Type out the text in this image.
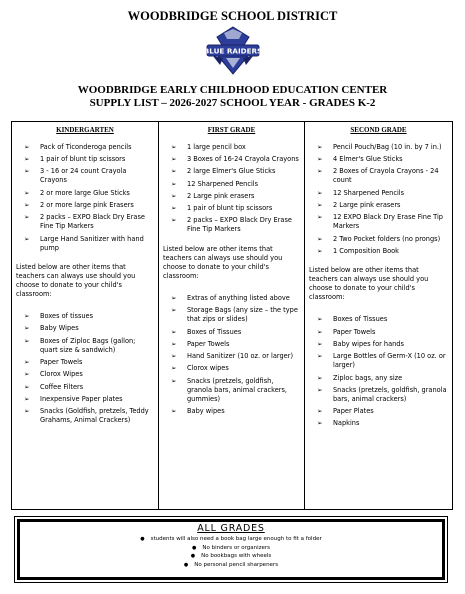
WOODBRIDGE SCHOOL DISTRICT
BLUE RAIDERS
WOODBRIDGE EARLY CHILDHOOD EDUCATION CENTER
SUPPLY LIST – 2026-2027 SCHOOL YEAR - GRADES K-2
KINDERGARTEN
➢ Pack of Ticonderoga pencils
➢ 1 pair of blunt tip scissors
➢ 3 - 16 or 24 count Crayola Crayons
➢ 2 or more large Glue Sticks
➢ 2 or more large pink Erasers
➢ 2 packs – EXPO Black Dry Erase Fine Tip Markers
➢ Large Hand Sanitizer with hand pump
Listed below are other items that teachers can always use should you choose to donate to your child's classroom:
➢ Boxes of tissues
➢ Baby Wipes
➢ Boxes of Ziploc Bags (gallon; quart size & sandwich)
➢ Paper Towels
➢ Clorox Wipes
➢ Coffee Filters
➢ Inexpensive Paper plates
➢ Snacks (Goldfish, pretzels, Teddy Grahams, Animal Crackers)
FIRST GRADE
➢ 1 large pencil box
➢ 3 Boxes of 16-24 Crayola Crayons
➢ 2 large Elmer's Glue Sticks
➢ 12 Sharpened Pencils
➢ 2 Large pink erasers
➢ 1 pair of blunt tip scissors
➢ 2 packs – EXPO Black Dry Erase Fine Tip Markers
Listed below are other items that teachers can always use should you choose to donate to your child's classroom:
➢ Extras of anything listed above
➢ Storage Bags (any size – the type that zips or slides)
➢ Boxes of Tissues
➢ Paper Towels
➢ Hand Sanitizer (10 oz. or larger)
➢ Clorox wipes
➢ Snacks (pretzels, goldfish, granola bars, animal crackers, gummies)
➢ Baby wipes
SECOND GRADE
➢ Pencil Pouch/Bag (10 in. by 7 in.)
➢ 4 Elmer's Glue Sticks
➢ 2 Boxes of Crayola Crayons - 24 count
➢ 12 Sharpened Pencils
➢ 2 Large pink erasers
➢ 12 EXPO Black Dry Erase Fine Tip Markers
➢ 2 Two Pocket folders (no prongs)
➢ 1 Composition Book
Listed below are other items that teachers can always use should you choose to donate to your child's classroom:
➢ Boxes of Tissues
➢ Paper Towels
➢ Baby wipes for hands
➢ Large Bottles of Germ-X (10 oz. or larger)
➢ Ziploc bags, any size
➢ Snacks (pretzels, goldfish, granola bars, animal crackers)
➢ Paper Plates
➢ Napkins
ALL GRADES
● students will also need a book bag large enough to fit a folder
● No binders or organizers
● No bookbags with wheels
● No personal pencil sharpeners
